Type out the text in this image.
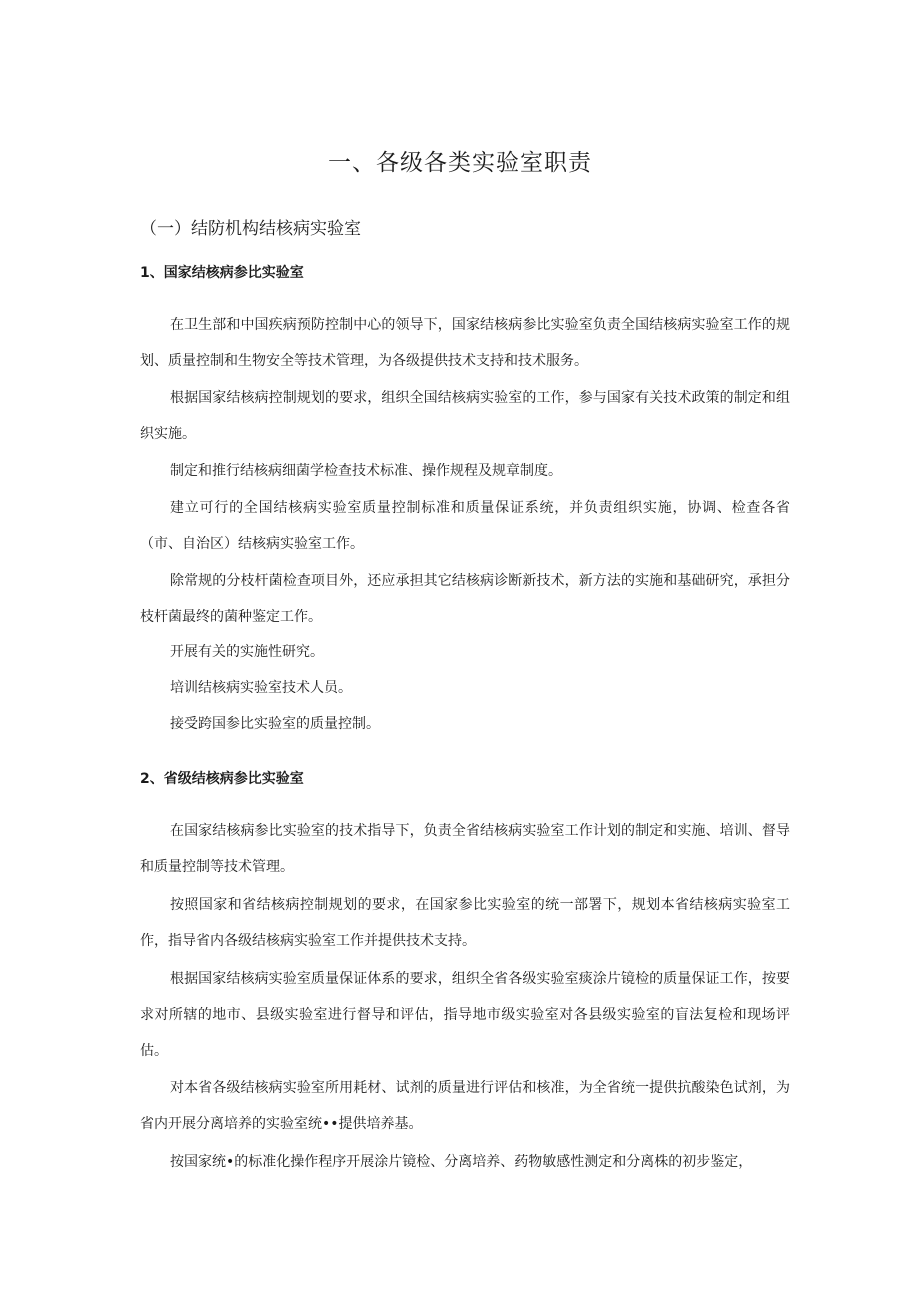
一、各级各类实验室职责
（一）结防机构结核病实验室
1、国家结核病参比实验室
在卫生部和中国疾病预防控制中心的领导下，国家结核病参比实验室负责全国结核病实验室工作的规划、质量控制和生物安全等技术管理，为各级提供技术支持和技术服务。
根据国家结核病控制规划的要求，组织全国结核病实验室的工作，参与国家有关技术政策的制定和组织实施。
制定和推行结核病细菌学检查技术标准、操作规程及规章制度。
建立可行的全国结核病实验室质量控制标准和质量保证系统，并负责组织实施，协调、检查各省（市、自治区）结核病实验室工作。
除常规的分枝杆菌检查项目外，还应承担其它结核病诊断新技术，新方法的实施和基础研究，承担分枝杆菌最终的菌种鉴定工作。
开展有关的实施性研究。
培训结核病实验室技术人员。
接受跨国参比实验室的质量控制。
2、省级结核病参比实验室
在国家结核病参比实验室的技术指导下，负责全省结核病实验室工作计划的制定和实施、培训、督导和质量控制等技术管理。
按照国家和省结核病控制规划的要求，在国家参比实验室的统一部署下，规划本省结核病实验室工作，指导省内各级结核病实验室工作并提供技术支持。
根据国家结核病实验室质量保证体系的要求，组织全省各级实验室痰涂片镜检的质量保证工作，按要求对所辖的地市、县级实验室进行督导和评估，指导地市级实验室对各县级实验室的盲法复检和现场评估。
对本省各级结核病实验室所用耗材、试剂的质量进行评估和核准，为全省统一提供抗酸染色试剂，为省内开展分离培养的实验室统••提供培养基。
按国家统•的标准化操作程序开展涂片镜检、分离培养、药物敏感性测定和分离株的初步鉴定，
